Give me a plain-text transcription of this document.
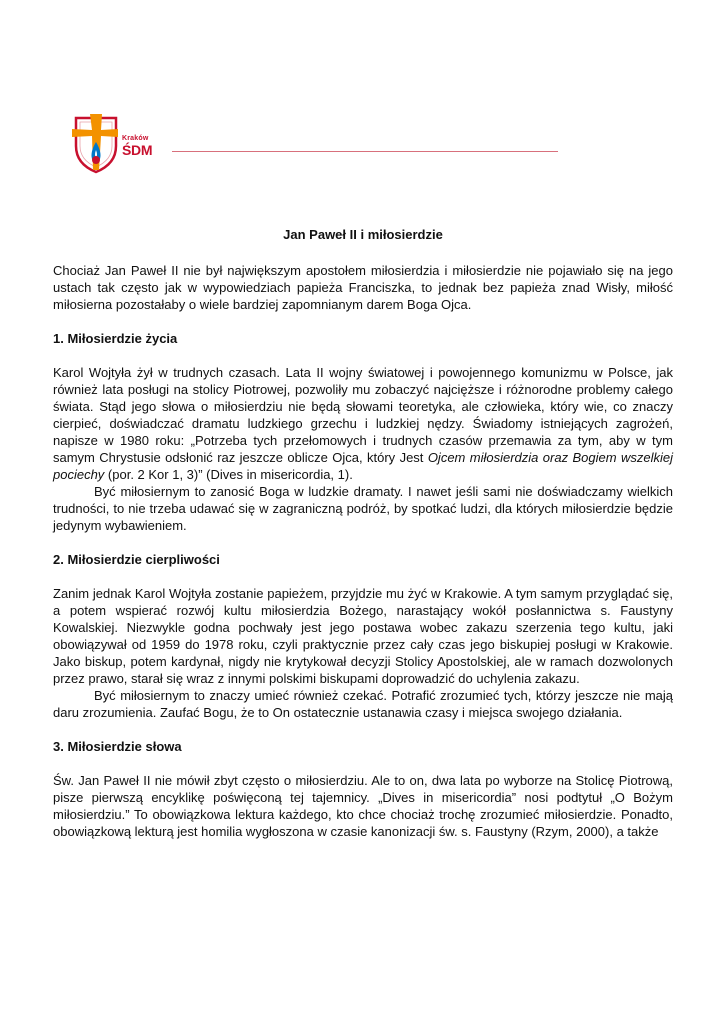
Kraków
ŚDM

Jan Paweł II i miłosierdzie

Chociaż Jan Paweł II nie był największym apostołem miłosierdzia i miłosierdzie nie pojawiało się na jego ustach tak często jak w wypowiedziach papieża Franciszka, to jednak bez papieża znad Wisły, miłość miłosierna pozostałaby o wiele bardziej zapomnianym darem Boga Ojca.

1. Miłosierdzie życia

Karol Wojtyła żył w trudnych czasach. Lata II wojny światowej i powojennego komunizmu w Polsce, jak również lata posługi na stolicy Piotrowej, pozwoliły mu zobaczyć najcięższe i różnorodne problemy całego świata. Stąd jego słowa o miłosierdziu nie będą słowami teoretyka, ale człowieka, który wie, co znaczy cierpieć, doświadczać dramatu ludzkiego grzechu i ludzkiej nędzy. Świadomy istniejących zagrożeń, napisze w 1980 roku: „Potrzeba tych przełomowych i trudnych czasów przemawia za tym, aby w tym samym Chrystusie odsłonić raz jeszcze oblicze Ojca, który Jest Ojcem miłosierdzia oraz Bogiem wszelkiej pociechy (por. 2 Kor 1, 3)” (Dives in misericordia, 1).

Być miłosiernym to zanosić Boga w ludzkie dramaty. I nawet jeśli sami nie doświadczamy wielkich trudności, to nie trzeba udawać się w zagraniczną podróż, by spotkać ludzi, dla których miłosierdzie będzie jedynym wybawieniem.

2. Miłosierdzie cierpliwości

Zanim jednak Karol Wojtyła zostanie papieżem, przyjdzie mu żyć w Krakowie. A tym samym przyglądać się, a potem wspierać rozwój kultu miłosierdzia Bożego, narastający wokół posłannictwa s. Faustyny Kowalskiej. Niezwykle godna pochwały jest jego postawa wobec zakazu szerzenia tego kultu, jaki obowiązywał od 1959 do 1978 roku, czyli praktycznie przez cały czas jego biskupiej posługi w Krakowie. Jako biskup, potem kardynał, nigdy nie krytykował decyzji Stolicy Apostolskiej, ale w ramach dozwolonych przez prawo, starał się wraz z innymi polskimi biskupami doprowadzić do uchylenia zakazu.

Być miłosiernym to znaczy umieć również czekać. Potrafić zrozumieć tych, którzy jeszcze nie mają daru zrozumienia. Zaufać Bogu, że to On ostatecznie ustanawia czasy i miejsca swojego działania.

3. Miłosierdzie słowa

Św. Jan Paweł II nie mówił zbyt często o miłosierdziu. Ale to on, dwa lata po wyborze na Stolicę Piotrową, pisze pierwszą encyklikę poświęconą tej tajemnicy. „Dives in misericordia” nosi podtytuł „O Bożym miłosierdziu.” To obowiązkowa lektura każdego, kto chce chociaż trochę zrozumieć miłosierdzie. Ponadto, obowiązkową lekturą jest homilia wygłoszona w czasie kanonizacji św. s. Faustyny (Rzym, 2000), a także
